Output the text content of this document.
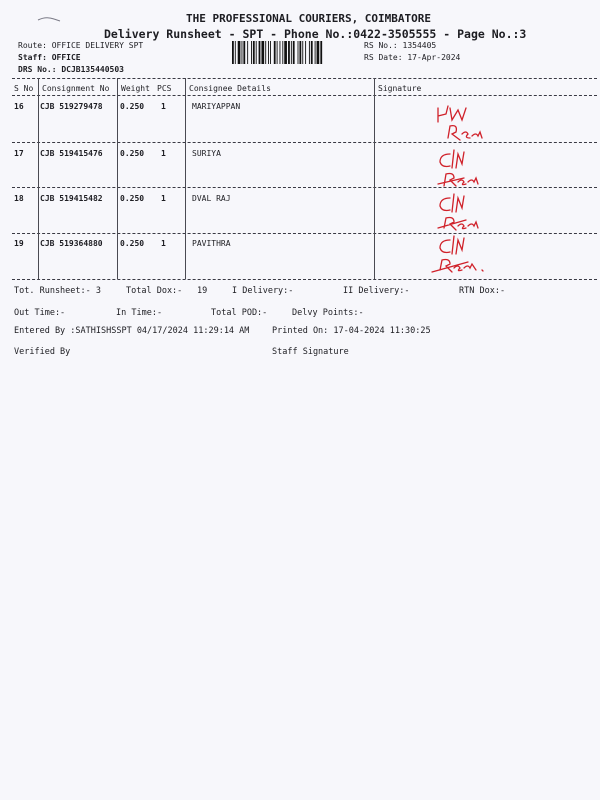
THE PROFESSIONAL COURIERS, COIMBATORE
Delivery Runsheet - SPT - Phone No.:0422-3505555 - Page No.:3
Route: OFFICE DELIVERY SPT
Staff: OFFICE
DRS No.: DCJB135440503
RS No.: 1354405
RS Date: 17-Apr-2024
S No Consignment No Weight PCS Consignee Details	Signature
16 CJB 519279478 0.250 1	MARIYAPPAN
17 CJB 519415476 0.250 1	SURIYA
18 CJB 519415482 0.250 1	DVAL RAJ
19 CJB 519364880 0.250 1	PAVITHRA
Tot. Runsheet:- 3	Total Dox:- 19	I Delivery:-	II Delivery:-	RTN Dox:-
Out Time:-	In Time:-	Total POD:-	Delvy Points:-
Entered By :SATHISHSSPT 04/17/2024 11:29:14 AM	Printed On: 17-04-2024 11:30:25
Verified By	Staff Signature
